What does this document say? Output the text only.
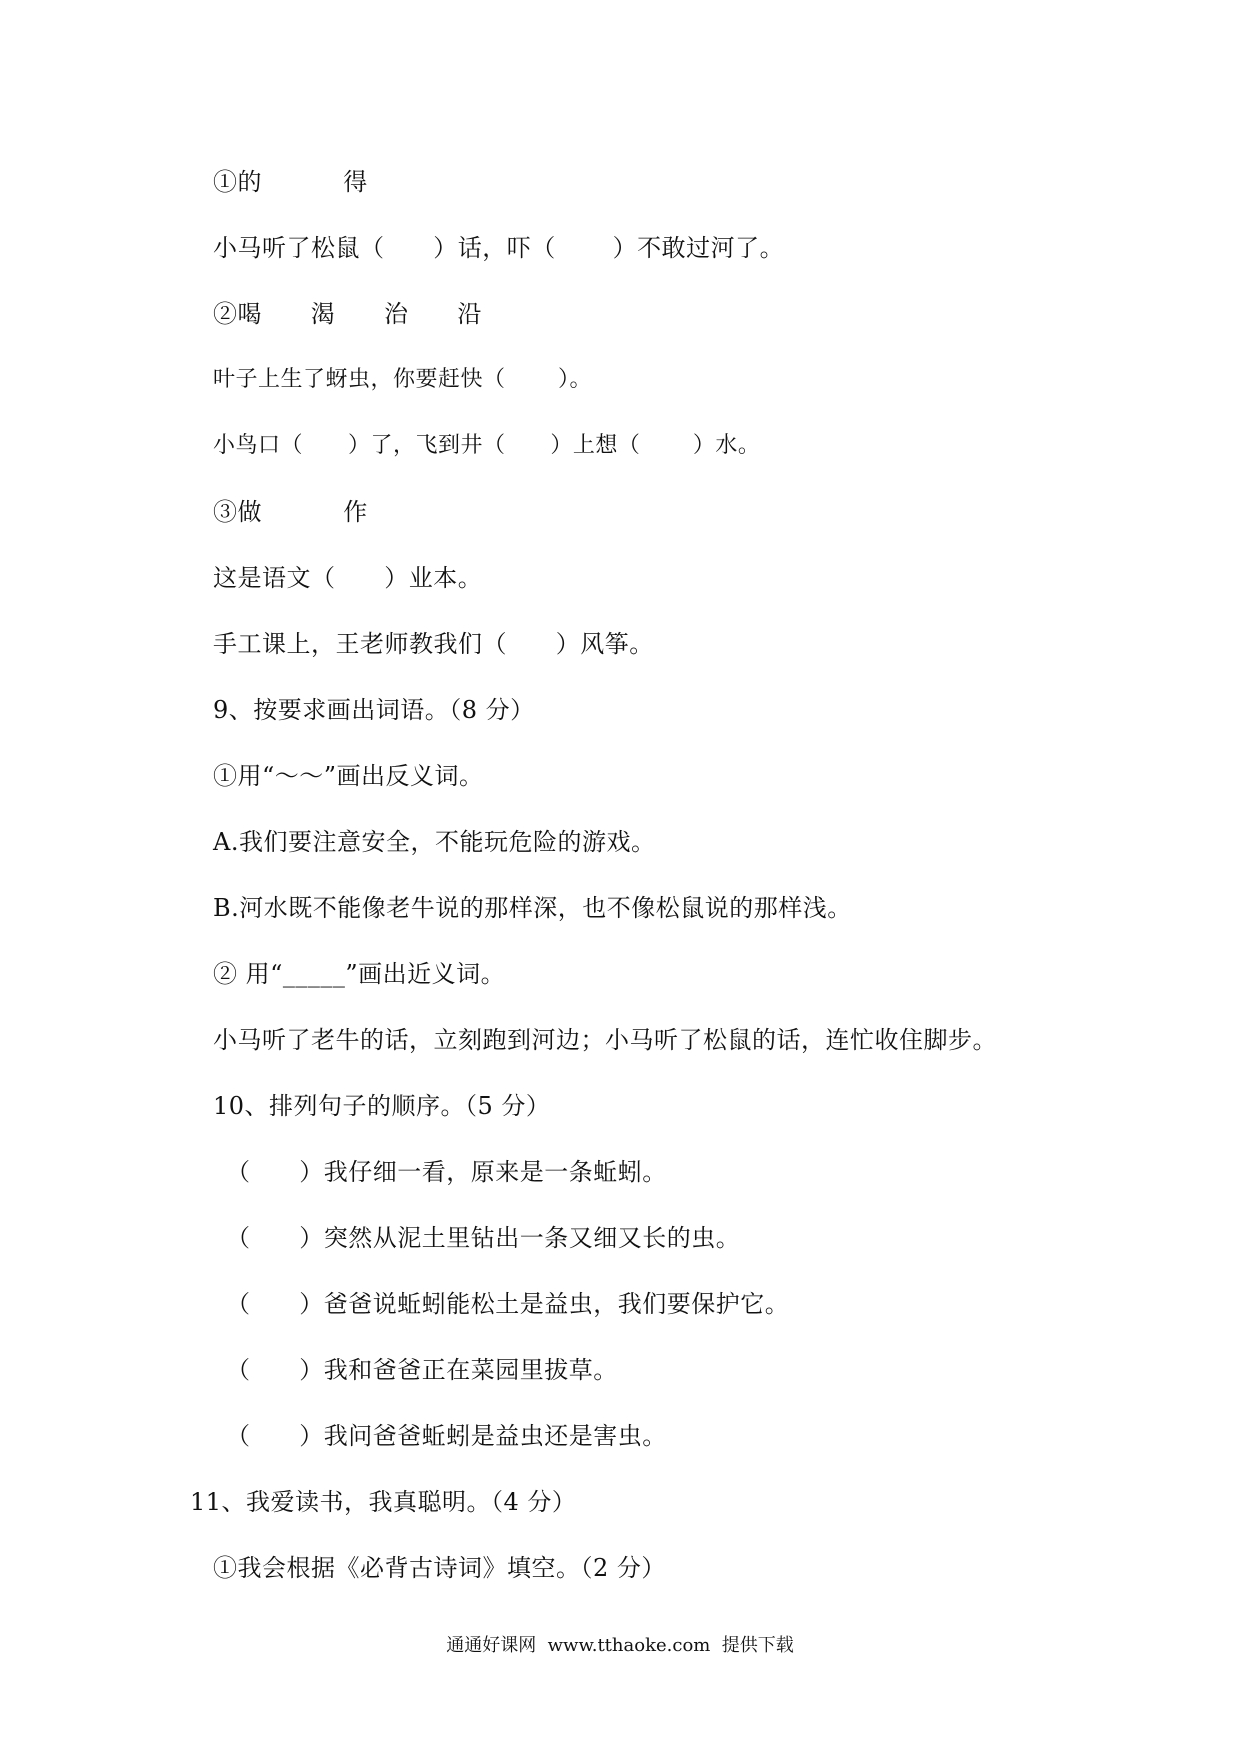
①的          得
小马听了松鼠（      ）话，吓（       ）不敢过河了。
②喝      渴      治      沿
叶子上生了蚜虫，你要赶快（       ）。
小鸟口（      ）了，飞到井（      ）上想（       ）水。
③做          作
这是语文（      ）业本。
手工课上，王老师教我们（      ）风筝。
9、按要求画出词语。（8 分）
①用“～～”画出反义词。
A.我们要注意安全，不能玩危险的游戏。
B.河水既不能像老牛说的那样深，也不像松鼠说的那样浅。
② 用“_____”画出近义词。
小马听了老牛的话，立刻跑到河边；小马听了松鼠的话，连忙收住脚步。
10、排列句子的顺序。（5 分）
（      ）我仔细一看，原来是一条蚯蚓。
（      ）突然从泥土里钻出一条又细又长的虫。
（      ）爸爸说蚯蚓能松土是益虫，我们要保护它。
（      ）我和爸爸正在菜园里拔草。
（      ）我问爸爸蚯蚓是益虫还是害虫。
11、我爱读书，我真聪明。（4 分）
①我会根据《必背古诗词》填空。（2 分）
通通好课网  www.tthaoke.com  提供下载
